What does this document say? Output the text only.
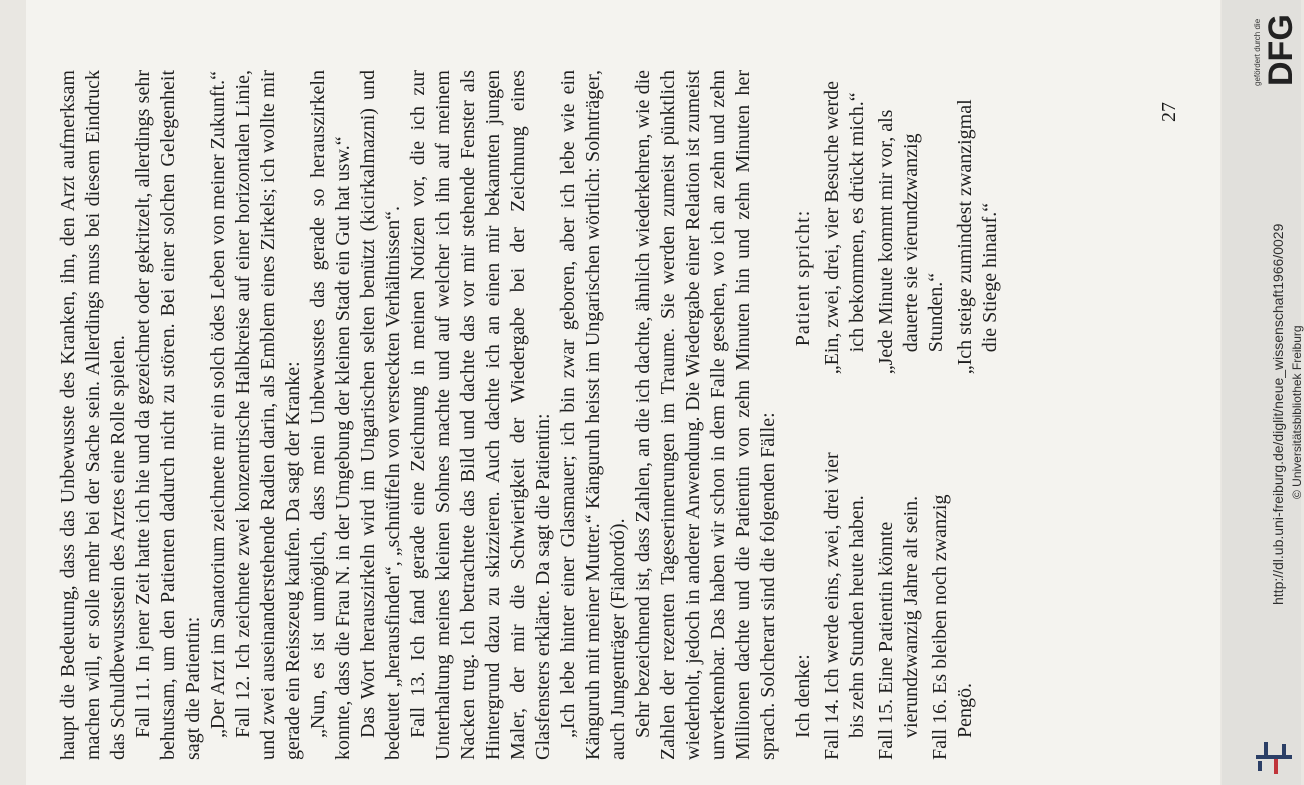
haupt die Bedeutung, dass das Unbewusste des Kranken, ihn, den Arzt aufmerksam machen will, er solle mehr bei der Sache sein. Allerdings muss bei diesem Eindruck das Schuldbewusstsein des Arztes eine Rolle spielen. Fall 11. In jener Zeit hatte ich hie und da gezeichnet oder gekritzelt, allerdings sehr behutsam, um den Patienten dadurch nicht zu stören. Bei einer solchen Gelegenheit sagt die Patientin: „Der Arzt im Sanatorium zeichnete mir ein solch ödes Leben von meiner Zukunft.“ Fall 12. Ich zeichnete zwei konzentrische Halbkreise auf einer horizontalen Linie, und zwei auseinanderstehende Radien darin, als Emblem eines Zirkels; ich wollte mir gerade ein Reisszeug kaufen. Da sagt der Kranke: „Nun, es ist unmöglich, dass mein Unbewusstes das gerade so herauszirkeln konnte, dass die Frau N. in der Umgebung der kleinen Stadt ein Gut hat usw.“ Das Wort herauszirkeln wird im Ungarischen selten benützt (kicirkalmazni) und bedeutet „herausfinden“, „schnüffeln von versteckten Verhältnissen“. Fall 13. Ich fand gerade eine Zeichnung in meinen Notizen vor, die ich zur Unterhaltung meines kleinen Sohnes machte und auf welcher ich ihn auf meinem Nacken trug. Ich betrachtete das Bild und dachte das vor mir stehende Fenster als Hintergrund dazu zu skizzieren. Auch dachte ich an einen mir bekannten jungen Maler, der mir die Schwierigkeit der Wiedergabe bei der Zeichnung eines Glasfensters erklärte. Da sagt die Patientin: „Ich lebe hinter einer Glasmauer; ich bin zwar geboren, aber ich lebe wie ein Känguruh mit meiner Mutter.“ Känguruh heisst im Ungarischen wörtlich: Sohnträger, auch Jungenträger (Fiahordó). Sehr bezeichnend ist, dass Zahlen, an die ich dachte, ähnlich wiederkehren, wie die Zahlen der rezenten Tageserinnerungen im Traume. Sie werden zumeist pünktlich wiederholt, jedoch in anderer Anwendung. Die Wiedergabe einer Relation ist zumeist unverkennbar. Das haben wir schon in dem Falle gesehen, wo ich an zehn und zehn Millionen dachte und die Patientin von zehn Minuten hin und zehn Minuten her sprach. Solcherart sind die folgenden Fälle: Ich denke: Fall 14. Ich werde eins, zwei, drei vier bis zehn Stunden heute haben. Fall 15. Eine Patientin könnte vierundzwanzig Jahre alt sein. Fall 16. Es bleiben noch zwanzig Pengö.

Patient spricht: „Ein, zwei, drei, vier Besuche werde ich bekommen, es drückt mich.“ „Jede Minute kommt mir vor, als dauerte sie vierundzwanzig Stunden.“ „Ich steige zumindest zwanzigmal die Stiege hinauf.“

27
http://dl.ub.uni-freiburg.de/diglit/neue_wissenschaft1966/0029 © Universitätsbibliothek Freiburg
gefördert durch die DFG
